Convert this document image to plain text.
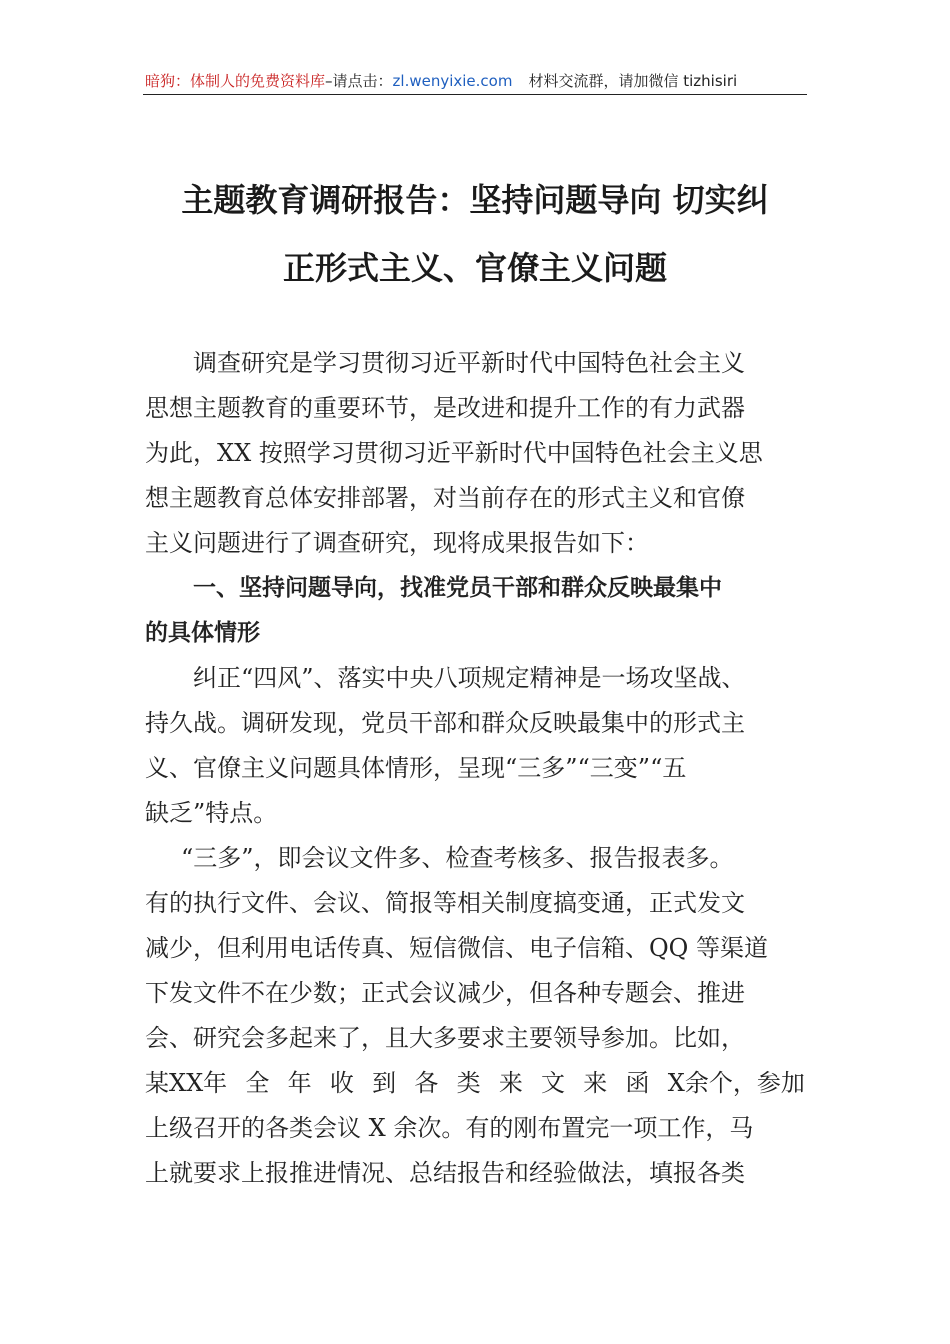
暗狗：体制人的免费资料库–请点击：zl.wenyixie.com 材料交流群，请加微信 tizhisiri
主题教育调研报告：坚持问题导向 切实纠
正形式主义、官僚主义问题
调查研究是学习贯彻习近平新时代中国特色社会主义
思想主题教育的重要环节，是改进和提升工作的有力武器
为此，XX 按照学习贯彻习近平新时代中国特色社会主义思
想主题教育总体安排部署，对当前存在的形式主义和官僚
主义问题进行了调查研究，现将成果报告如下：
一、坚持问题导向，找准党员干部和群众反映最集中
的具体情形
纠正“四风”、落实中央八项规定精神是一场攻坚战、
持久战。调研发现，党员干部和群众反映最集中的形式主
义、官僚主义问题具体情形，呈现“三多”“三变”“五
缺乏”特点。
“三多”，即会议文件多、检查考核多、报告报表多。
有的执行文件、会议、简报等相关制度搞变通，正式发文
减少，但利用电话传真、短信微信、电子信箱、QQ 等渠道
下发文件不在少数；正式会议减少，但各种专题会、推进
会、研究会多起来了，且大多要求主要领导参加。比如，
某XX年 全 年 收 到 各 类 来 文 来 函 X余个，参加
上级召开的各类会议 X 余次。有的刚布置完一项工作，马
上就要求上报推进情况、总结报告和经验做法，填报各类
